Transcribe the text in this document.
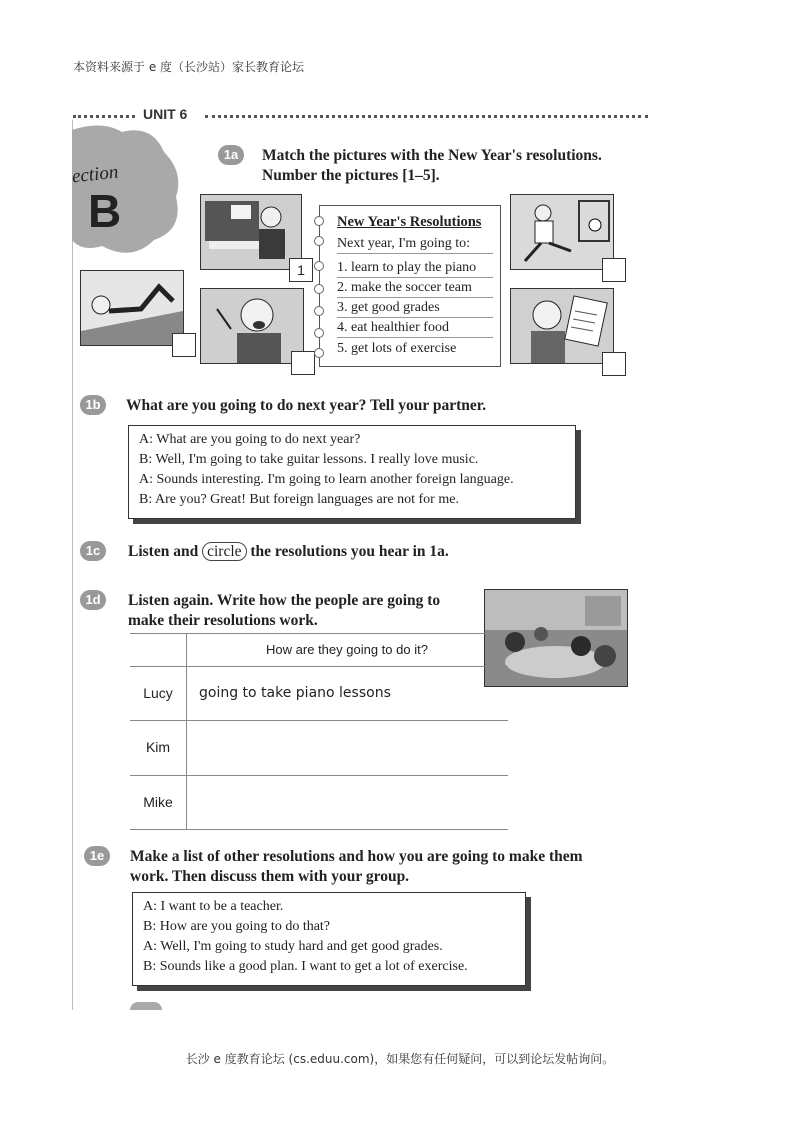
本资料来源于 e 度（长沙站）家长教育论坛
UNIT 6
ection
B
1a	Match the pictures with the New Year's resolutions.
Number the pictures [1–5].
1
New Year's Resolutions
Next year, I'm going to:
1. learn to play the piano
2. make the soccer team
3. get good grades
4. eat healthier food
5. get lots of exercise
1b	What are you going to do next year? Tell your partner.
A: What are you going to do next year?
B: Well, I'm going to take guitar lessons. I really love music.
A: Sounds interesting. I'm going to learn another foreign language.
B: Are you? Great! But foreign languages are not for me.
1c	Listen and circle the resolutions you hear in 1a.
1d	Listen again. Write how the people are going to
make their resolutions work.
How are they going to do it?
Lucy	going to take piano lessons
Kim
Mike
1e	Make a list of other resolutions and how you are going to make them
work. Then discuss them with your group.
A: I want to be a teacher.
B: How are you going to do that?
A: Well, I'm going to study hard and get good grades.
B: Sounds like a good plan. I want to get a lot of exercise.
长沙 e 度教育论坛 (cs.eduu.com)，如果您有任何疑问，可以到论坛发帖询问。
